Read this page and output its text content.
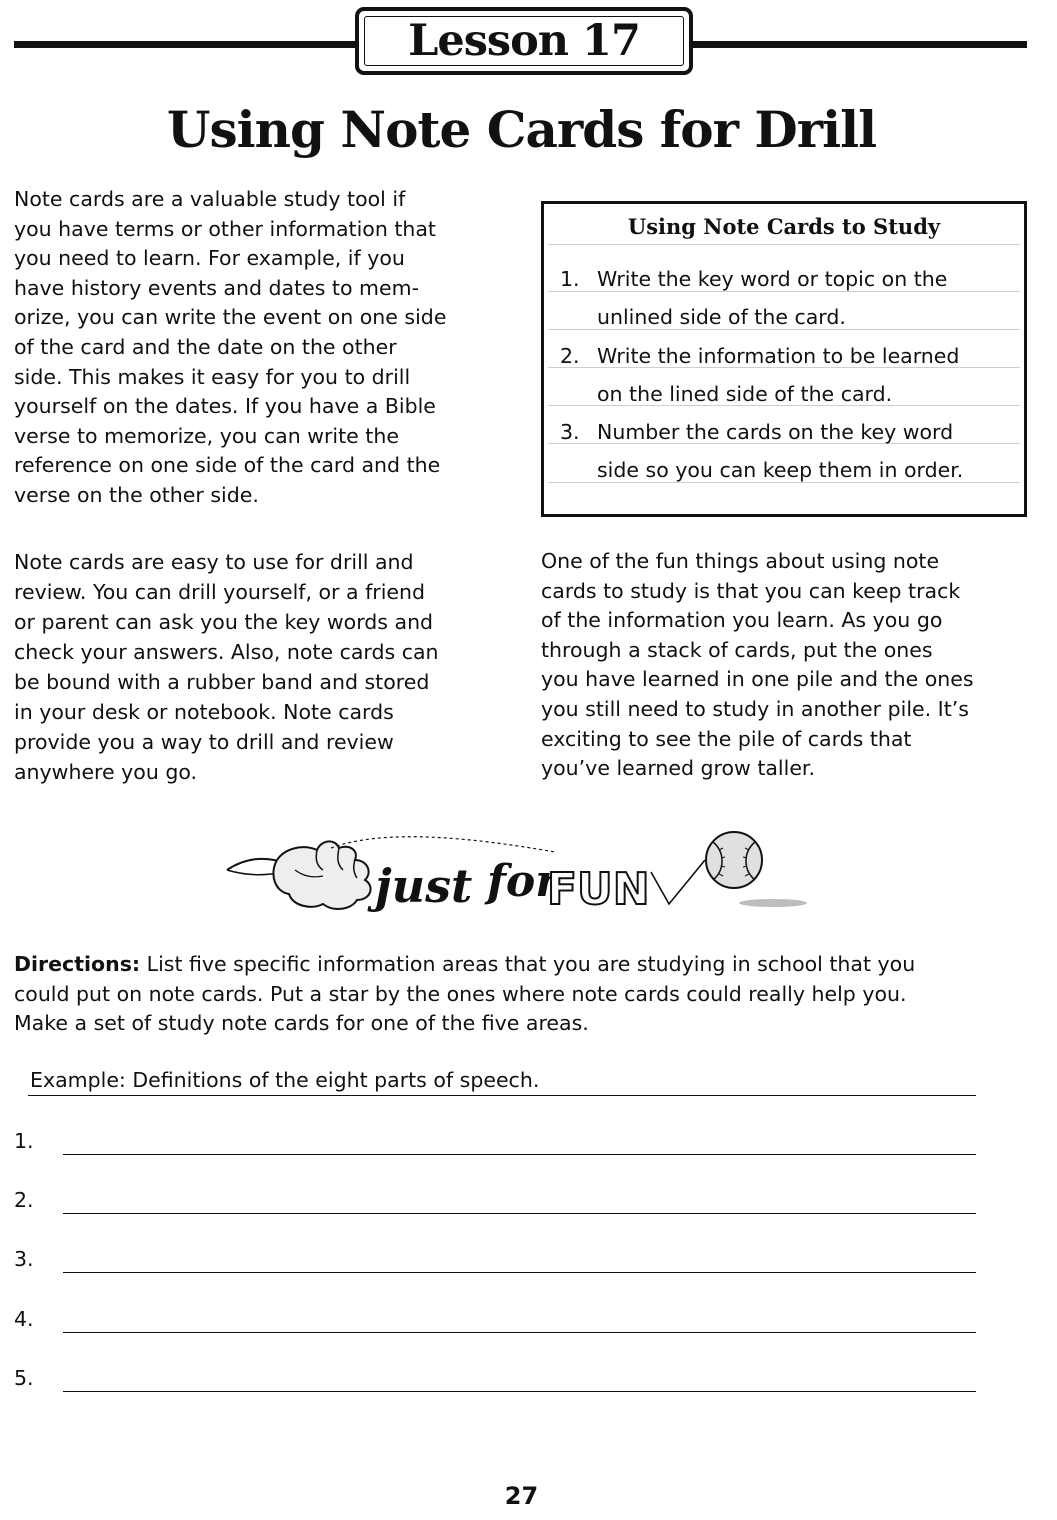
Lesson 17
Using Note Cards for Drill
Note cards are a valuable study tool if
you have terms or other information that
you need to learn. For example, if you
have history events and dates to mem-
orize, you can write the event on one side
of the card and the date on the other
side. This makes it easy for you to drill
yourself on the dates. If you have a Bible
verse to memorize, you can write the
reference on one side of the card and the
verse on the other side.
Using Note Cards to Study
1. Write the key word or topic on the
unlined side of the card.
2. Write the information to be learned
on the lined side of the card.
3. Number the cards on the key word
side so you can keep them in order.
Note cards are easy to use for drill and
review. You can drill yourself, or a friend
or parent can ask you the key words and
check your answers. Also, note cards can
be bound with a rubber band and stored
in your desk or notebook. Note cards
provide you a way to drill and review
anywhere you go.
One of the fun things about using note
cards to study is that you can keep track
of the information you learn. As you go
through a stack of cards, put the ones
you have learned in one pile and the ones
you still need to study in another pile. It’s
exciting to see the pile of cards that
you’ve learned grow taller.
just for
FUN
Directions: List five specific information areas that you are studying in school that you
could put on note cards. Put a star by the ones where note cards could really help you.
Make a set of study note cards for one of the five areas.
Example: Definitions of the eight parts of speech.
1.
2.
3.
4.
5.
27
